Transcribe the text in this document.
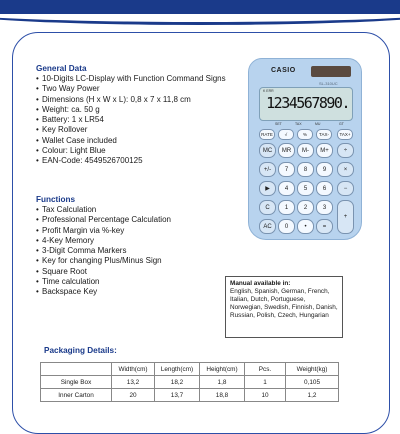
General Data
• 10-Digits LC-Display with Function Command Signs
• Two Way Power
• Dimensions (H x W x L): 0,8 x 7 x 11,8 cm
• Weight: ca. 50 g
• Battery: 1 x LR54
• Key Rollover
• Wallet Case included
• Colour: Light Blue
• EAN-Code: 4549526700125
Functions
• Tax Calculation
• Professional Percentage Calculation
• Profit Margin via %-key
• 4-Key Memory
• 3-Digit Comma Markers
• Key for changing Plus/Minus Sign
• Square Root
• Time calculation
• Backspace Key
Manual available in:
English, Spanish, German, French, Italian, Dutch, Portuguese, Norwegian, Swedish, Finnish, Danish, Russian, Polish, Czech, Hungarian
Packaging Details:
	Width(cm)	Length(cm)	Height(cm)	Pcs.	Weight(kg)
Single Box	13,2	18,2	1,8	1	0,105
Inner Carton	20	13,7	18,8	10	1,2
CASIO
SL-310UC
K ERR
1234567890.
SET	TAX	MU	GT
RATE	√	%	TAX-	TAX+
MC	MR	M-	M+	÷
+/-	7	8	9	×
▶	4	5	6	−
C	1	2	3
+
AC	0	•	=
